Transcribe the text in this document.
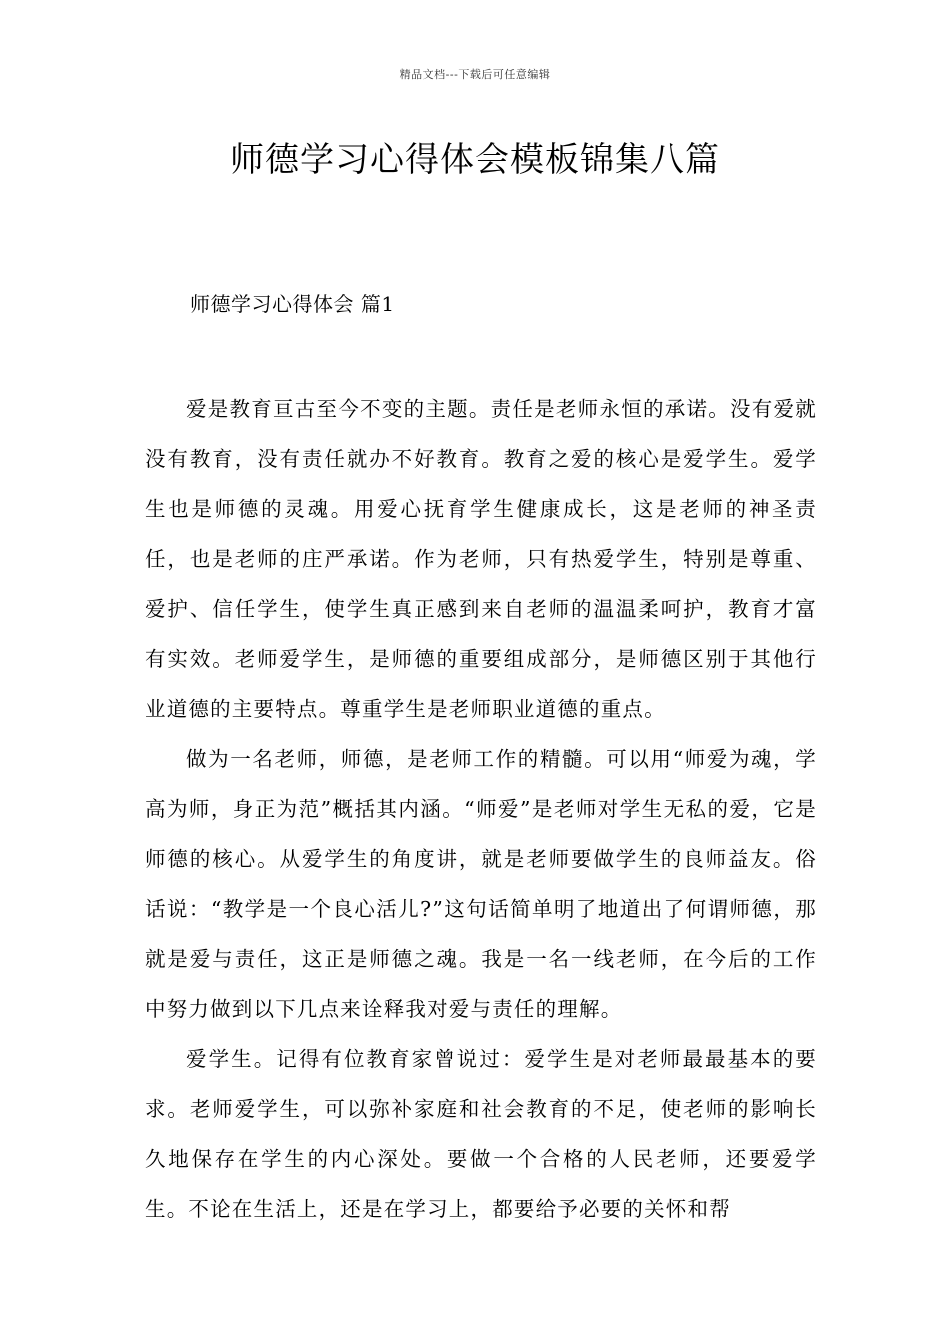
精品文档---下载后可任意编辑
师德学习心得体会模板锦集八篇
师德学习心得体会 篇1

爱是教育亘古至今不变的主题。责任是老师永恒的承诺。没有爱就没有教育，没有责任就办不好教育。教育之爱的核心是爱学生。爱学生也是师德的灵魂。用爱心抚育学生健康成长，这是老师的神圣责任，也是老师的庄严承诺。作为老师，只有热爱学生，特别是尊重、爱护、信任学生，使学生真正感到来自老师的温温柔呵护，教育才富有实效。老师爱学生，是师德的重要组成部分，是师德区别于其他行业道德的主要特点。尊重学生是老师职业道德的重点。

做为一名老师，师德，是老师工作的精髓。可以用“师爱为魂，学高为师，身正为范”概括其内涵。“师爱”是老师对学生无私的爱，它是师德的核心。从爱学生的角度讲，就是老师要做学生的良师益友。俗话说：“教学是一个良心活儿?”这句话简单明了地道出了何谓师德，那就是爱与责任，这正是师德之魂。我是一名一线老师，在今后的工作中努力做到以下几点来诠释我对爱与责任的理解。

爱学生。记得有位教育家曾说过：爱学生是对老师最最基本的要求。老师爱学生，可以弥补家庭和社会教育的不足，使老师的影响长久地保存在学生的内心深处。要做一个合格的人民老师，还要爱学生。不论在生活上，还是在学习上，都要给予必要的关怀和帮
